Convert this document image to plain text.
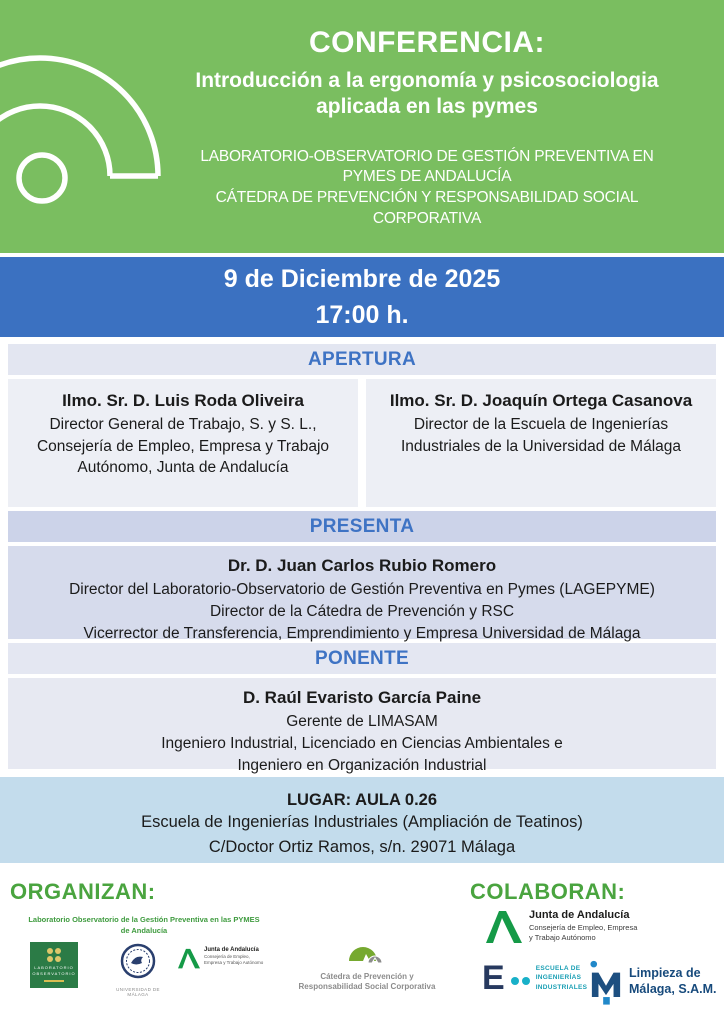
CONFERENCIA:
Introducción a la ergonomía y psicosociologia aplicada en las pymes
LABORATORIO-OBSERVATORIO DE GESTIÓN PREVENTIVA EN PYMES DE ANDALUCÍA
CÁTEDRA DE PREVENCIÓN Y RESPONSABILIDAD SOCIAL CORPORATIVA
9 de Diciembre de 2025
17:00 h.
APERTURA
Ilmo. Sr. D. Luis Roda Oliveira
Director General de Trabajo, S. y S. L., Consejería de Empleo, Empresa y Trabajo Autónomo, Junta de Andalucía
Ilmo. Sr. D. Joaquín Ortega Casanova
Director de la Escuela de Ingenierías Industriales de la Universidad de Málaga
PRESENTA
Dr. D. Juan Carlos Rubio Romero
Director del Laboratorio-Observatorio de Gestión Preventiva en Pymes (LAGEPYME)
Director de la Cátedra de Prevención y RSC
Vicerrector de Transferencia, Emprendimiento y Empresa Universidad de Málaga
PONENTE
D. Raúl Evaristo García Paine
Gerente de LIMASAM
Ingeniero Industrial, Licenciado en Ciencias Ambientales e
Ingeniero en Organización Industrial
LUGAR: AULA 0.26
Escuela de Ingenierías Industriales (Ampliación de Teatinos)
C/Doctor Ortiz Ramos, s/n. 29071 Málaga
ORGANIZAN:	COLABORAN:
Laboratorio Observatorio de la Gestión Preventiva en las PYMES de Andalucía
LABORATORIO
OBSERVATORIO
UNIVERSIDAD DE MÁLAGA
Junta de Andalucía
Consejería de Empleo, Empresa y Trabajo Autónomo
Cátedra de Prevención y
Responsabilidad Social Corporativa
Junta de Andalucía
Consejería de Empleo, Empresa
y Trabajo Autónomo
E	ESCUELA DE
INGENIERÍAS
INDUSTRIALES
Limpieza de
Málaga, S.A.M.
